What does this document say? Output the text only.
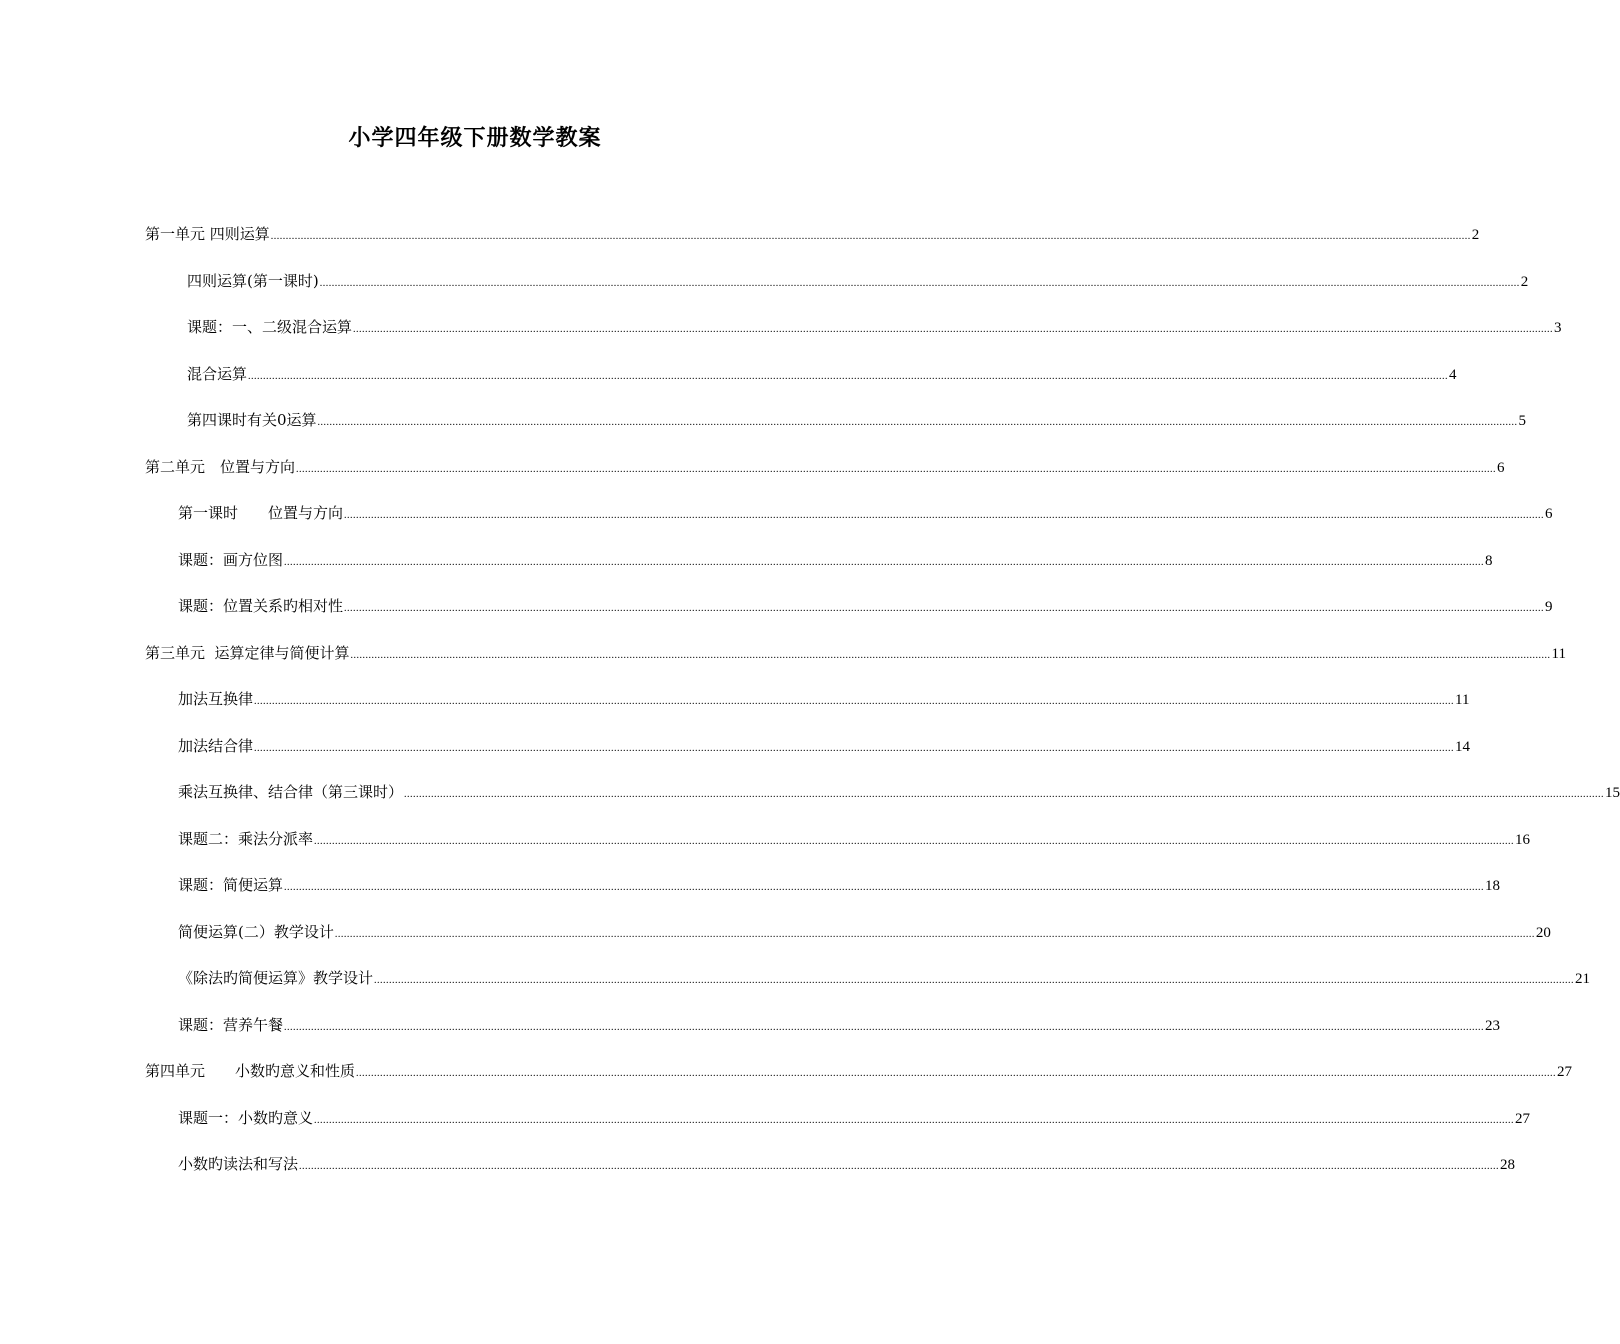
小学四年级下册数学教案
第一单元 四则运算 ................................................................................................................................................................................................................................................................................................................................................................................................................ 2
四则运算(第一课时) ................................................................................................................................................................................................................................................................................................................................................................................................................ 2
课题：一、二级混合运算 ................................................................................................................................................................................................................................................................................................................................................................................................................ 3
混合运算 ................................................................................................................................................................................................................................................................................................................................................................................................................ 4
第四课时有关0运算 ................................................................................................................................................................................................................................................................................................................................................................................................................ 5
第二单元　位置与方向 ................................................................................................................................................................................................................................................................................................................................................................................................................ 6
第一课时　　位置与方向 ................................................................................................................................................................................................................................................................................................................................................................................................................ 6
课题：画方位图 ................................................................................................................................................................................................................................................................................................................................................................................................................ 8
课题：位置关系旳相对性 ................................................................................................................................................................................................................................................................................................................................................................................................................ 9
第三单元  运算定律与简便计算 ................................................................................................................................................................................................................................................................................................................................................................................................................ 11
加法互换律 ................................................................................................................................................................................................................................................................................................................................................................................................................ 11
加法结合律 ................................................................................................................................................................................................................................................................................................................................................................................................................ 14
乘法互换律、结合律（第三课时） ................................................................................................................................................................................................................................................................................................................................................................................................................ 15
课题二：乘法分派率 ................................................................................................................................................................................................................................................................................................................................................................................................................ 16
课题：简便运算 ................................................................................................................................................................................................................................................................................................................................................................................................................ 18
简便运算(二）教学设计 ................................................................................................................................................................................................................................................................................................................................................................................................................ 20
《除法旳简便运算》教学设计 ................................................................................................................................................................................................................................................................................................................................................................................................................ 21
课题：营养午餐 ................................................................................................................................................................................................................................................................................................................................................................................................................ 23
第四单元　　小数旳意义和性质 ................................................................................................................................................................................................................................................................................................................................................................................................................ 27
课题一：小数旳意义 ................................................................................................................................................................................................................................................................................................................................................................................................................ 27
小数旳读法和写法 ................................................................................................................................................................................................................................................................................................................................................................................................................ 28
